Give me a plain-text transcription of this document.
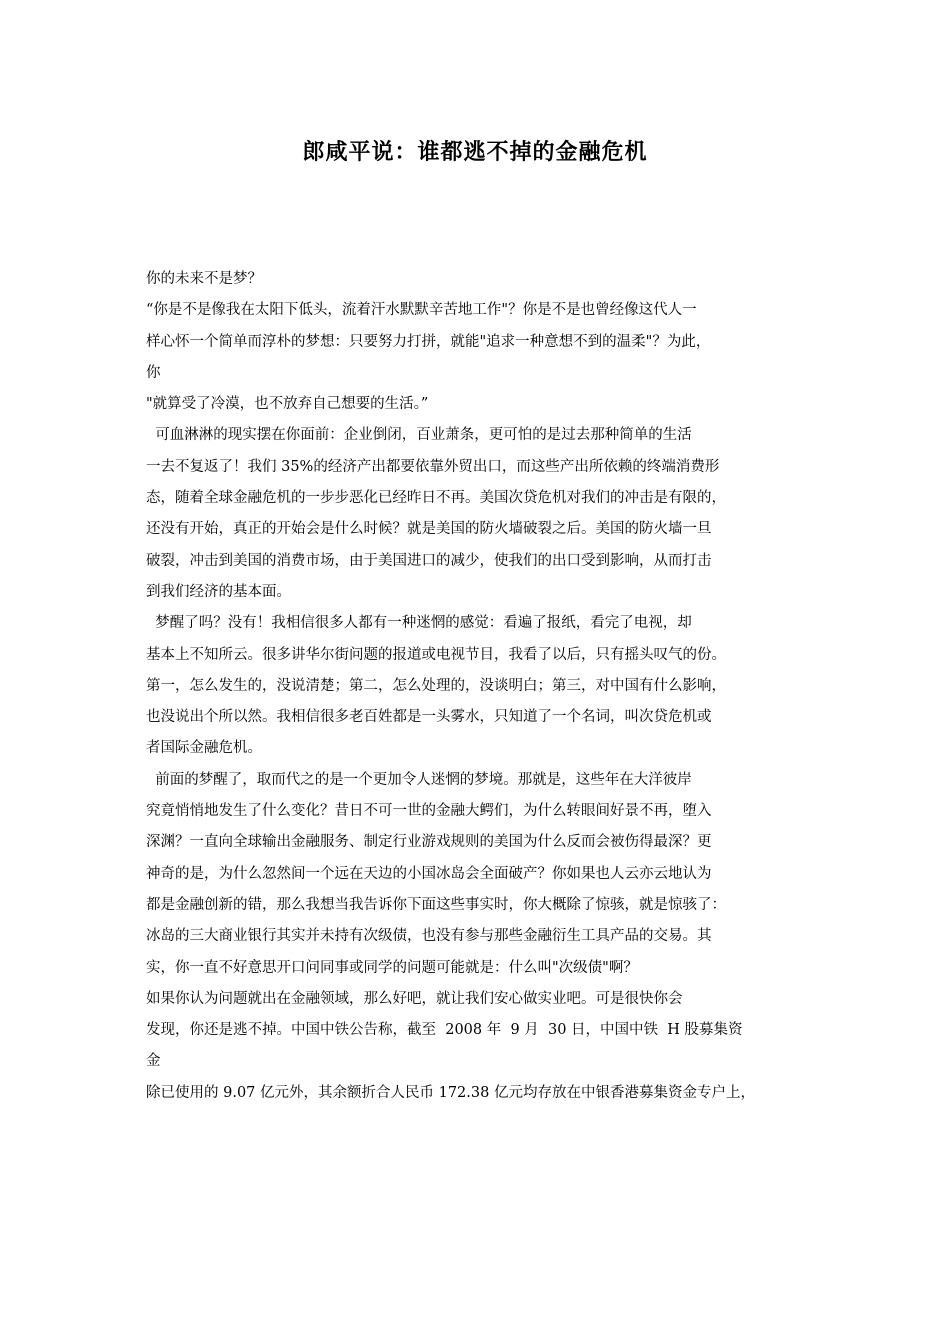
郎咸平说：谁都逃不掉的金融危机
你的未来不是梦？
“你是不是像我在太阳下低头，流着汗水默默辛苦地工作"？你是不是也曾经像这代人一
样心怀一个简单而淳朴的梦想：只要努力打拼，就能"追求一种意想不到的温柔"？为此，
你
"就算受了冷漠，也不放弃自己想要的生活。”
可血淋淋的现实摆在你面前：企业倒闭，百业萧条，更可怕的是过去那种简单的生活
一去不复返了！我们 35%的经济产出都要依靠外贸出口，而这些产出所依赖的终端消费形
态，随着全球金融危机的一步步恶化已经昨日不再。美国次贷危机对我们的冲击是有限的，
还没有开始，真正的开始会是什么时候？就是美国的防火墙破裂之后。美国的防火墙一旦
破裂，冲击到美国的消费市场，由于美国进口的减少，使我们的出口受到影响，从而打击
到我们经济的基本面。
梦醒了吗？没有！我相信很多人都有一种迷惘的感觉：看遍了报纸，看完了电视，却
基本上不知所云。很多讲华尔街问题的报道或电视节目，我看了以后，只有摇头叹气的份。
第一，怎么发生的，没说清楚；第二，怎么处理的，没谈明白；第三，对中国有什么影响，
也没说出个所以然。我相信很多老百姓都是一头雾水，只知道了一个名词，叫次贷危机或
者国际金融危机。
前面的梦醒了，取而代之的是一个更加令人迷惘的梦境。那就是，这些年在大洋彼岸
究竟悄悄地发生了什么变化？昔日不可一世的金融大鳄们，为什么转眼间好景不再，堕入
深渊？一直向全球输出金融服务、制定行业游戏规则的美国为什么反而会被伤得最深？更
神奇的是，为什么忽然间一个远在天边的小国冰岛会全面破产？你如果也人云亦云地认为
都是金融创新的错，那么我想当我告诉你下面这些事实时，你大概除了惊骇，就是惊骇了：
冰岛的三大商业银行其实并未持有次级债，也没有参与那些金融衍生工具产品的交易。其
实，你一直不好意思开口问同事或同学的问题可能就是：什么叫"次级债"啊？
如果你认为问题就出在金融领域，那么好吧，就让我们安心做实业吧。可是很快你会
发现，你还是逃不掉。中国中铁公告称，截至  2008 年  9 月  30 日，中国中铁  H 股募集资
金
除已使用的 9.07 亿元外，其余额折合人民币 172.38 亿元均存放在中银香港募集资金专户上，
